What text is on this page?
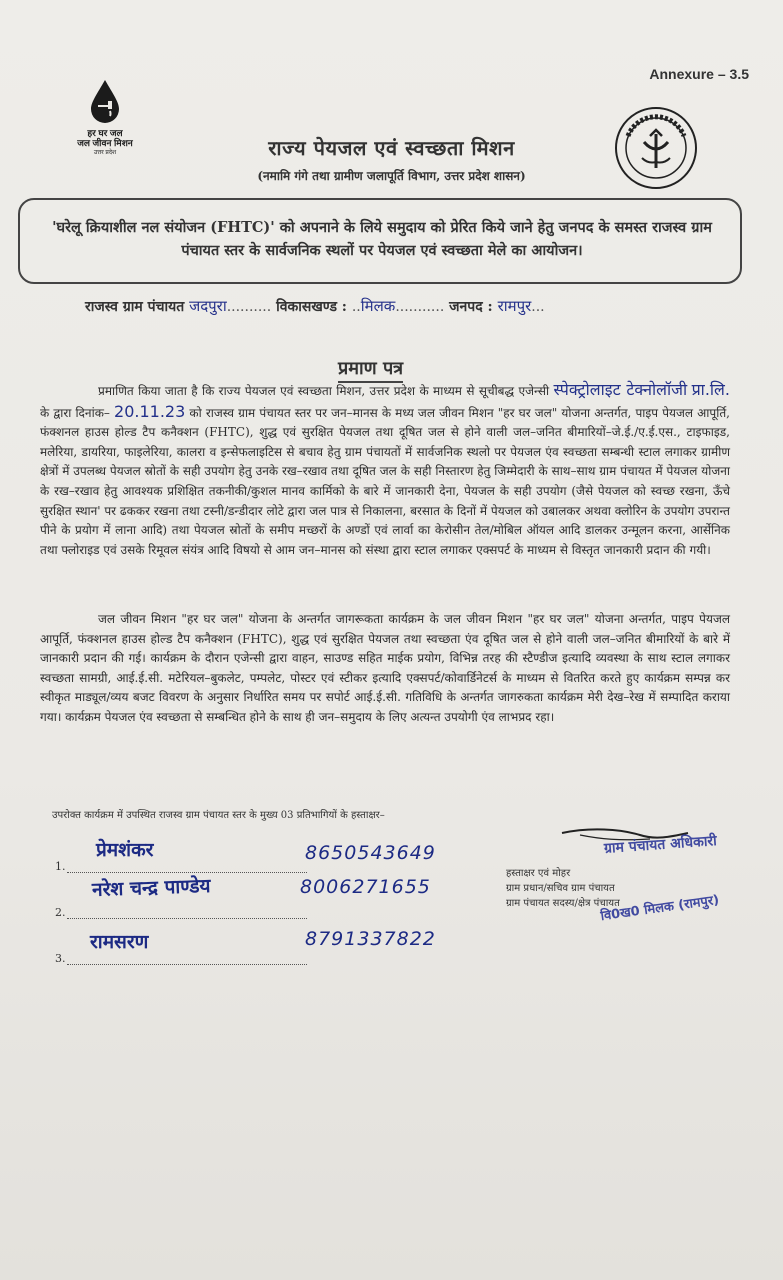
Annexure – 3.5
हर घर जल
जल जीवन मिशन
उत्तर प्रदेश	राज्य पेयजल एवं स्वच्छता मिशन
(नमामि गंगे तथा ग्रामीण जलापूर्ति विभाग, उत्तर प्रदेश शासन)

'घरेलू क्रियाशील नल संयोजन (FHTC)' को अपनाने के लिये समुदाय को प्रेरित किये जाने हेतु जनपद के समस्त राजस्व ग्राम पंचायत स्तर के सार्वजनिक स्थलों पर पेयजल एवं स्वच्छता मेले का आयोजन।

राजस्व ग्राम पंचायत जदपुरा.......... विकासखण्ड : ..मिलक........... जनपद : रामपुर...
प्रमाण पत्र
प्रमाणित किया जाता है कि राज्य पेयजल एवं स्वच्छता मिशन, उत्तर प्रदेश के माध्यम से सूचीबद्ध एजेन्सी स्पेक्ट्रोलाइट टेक्नोलॉजी प्रा.लि. के द्वारा दिनांक– 20.11.23 को राजस्व ग्राम पंचायत स्तर पर जन–मानस के मध्य जल जीवन मिशन "हर घर जल" योजना अन्तर्गत, पाइप पेयजल आपूर्ति, फंक्शनल हाउस होल्ड टैप कनैक्शन (FHTC), शुद्ध एवं सुरक्षित पेयजल तथा दूषित जल से होने वाली जल–जनित बीमारियों–जे.ई./ए.ई.एस., टाइफाइड, मलेरिया, डायरिया, फाइलेरिया, कालरा व इन्सेफलाइटिस से बचाव हेतु ग्राम पंचायतों में सार्वजनिक स्थलो पर पेयजल एंव स्वच्छता सम्बन्धी स्टाल लगाकर ग्रामीण क्षेत्रों में उपलब्ध पेयजल स्रोतों के सही उपयोग हेतु उनके रख–रखाव तथा दूषित जल के सही निस्तारण हेतु जिम्मेदारी के साथ–साथ ग्राम पंचायत में पेयजल योजना के रख–रखाव हेतु आवश्यक प्रशिक्षित तकनीकी/कुशल मानव कार्मिको के बारे में जानकारी देना, पेयजल के सही उपयोग (जैसे पेयजल को स्वच्छ रखना, ऊँचे सुरक्षित स्थान' पर ढककर रखना तथा टस्नी/डन्डीदार लोटे द्वारा जल पात्र से निकालना, बरसात के दिनों में पेयजल को उबालकर अथवा क्लोरिन के उपयोग उपरान्त पीने के प्रयोग में लाना आदि) तथा पेयजल स्रोतों के समीप मच्छरों के अण्डों एवं लार्वा का केरोसीन तेल/मोबिल ऑयल आदि डालकर उन्मूलन करना, आर्सेनिक तथा फ्लोराइड एवं उसके रिमूवल संयंत्र आदि विषयो से आम जन–मानस को संस्था द्वारा स्टाल लगाकर एक्सपर्ट के माध्यम से विस्तृत जानकारी प्रदान की गयी।
जल जीवन मिशन "हर घर जल" योजना के अन्तर्गत जागरूकता कार्यक्रम के जल जीवन मिशन "हर घर जल" योजना अन्तर्गत, पाइप पेयजल आपूर्ति, फंक्शनल हाउस होल्ड टैप कनैक्शन (FHTC), शुद्ध एवं सुरक्षित पेयजल तथा स्वच्छता एंव दूषित जल से होने वाली जल–जनित बीमारियों के बारे में जानकारी प्रदान की गई। कार्यक्रम के दौरान एजेन्सी द्वारा वाहन, साउण्ड सहित माईक प्रयोग, विभिन्न तरह की स्टैण्डीज इत्यादि व्यवस्था के साथ स्टाल लगाकर स्वच्छता सामग्री, आई.ई.सी. मटेरियल–बुकलेट, पम्पलेट, पोस्टर एवं स्टीकर इत्यादि एक्सपर्ट/कोवार्डिनेटर्स के माध्यम से वितरित करते हुए कार्यक्रम सम्पन्न कर स्वीकृत माड्यूल/व्यय बजट विवरण के अनुसार निर्धारित समय पर सपोर्ट आई.ई.सी. गतिविधि के अन्तर्गत जागरुकता कार्यक्रम मेरी देख–रेख में सम्पादित कराया गया। कार्यक्रम पेयजल एंव स्वच्छता से सम्बन्धित होने के साथ ही जन–समुदाय के लिए अत्यन्त उपयोगी एंव लाभप्रद रहा।
उपरोक्त कार्यक्रम में उपस्थित राजस्व ग्राम पंचायत स्तर के मुख्य 03 प्रतिभागियों के हस्ताक्षर–
1.
प्रेमशंकर	8650543649
2.
नरेश चन्द्र पाण्डेय	8006271655
3.
रामसरण	8791337822
हस्ताक्षर एवं मोहर
ग्राम प्रधान/सचिव ग्राम पंचायत
ग्राम पंचायत सदस्य/क्षेत्र पंचायत
ग्राम पंचायत अधिकारी
वि0ख0 मिलक (रामपुर)
